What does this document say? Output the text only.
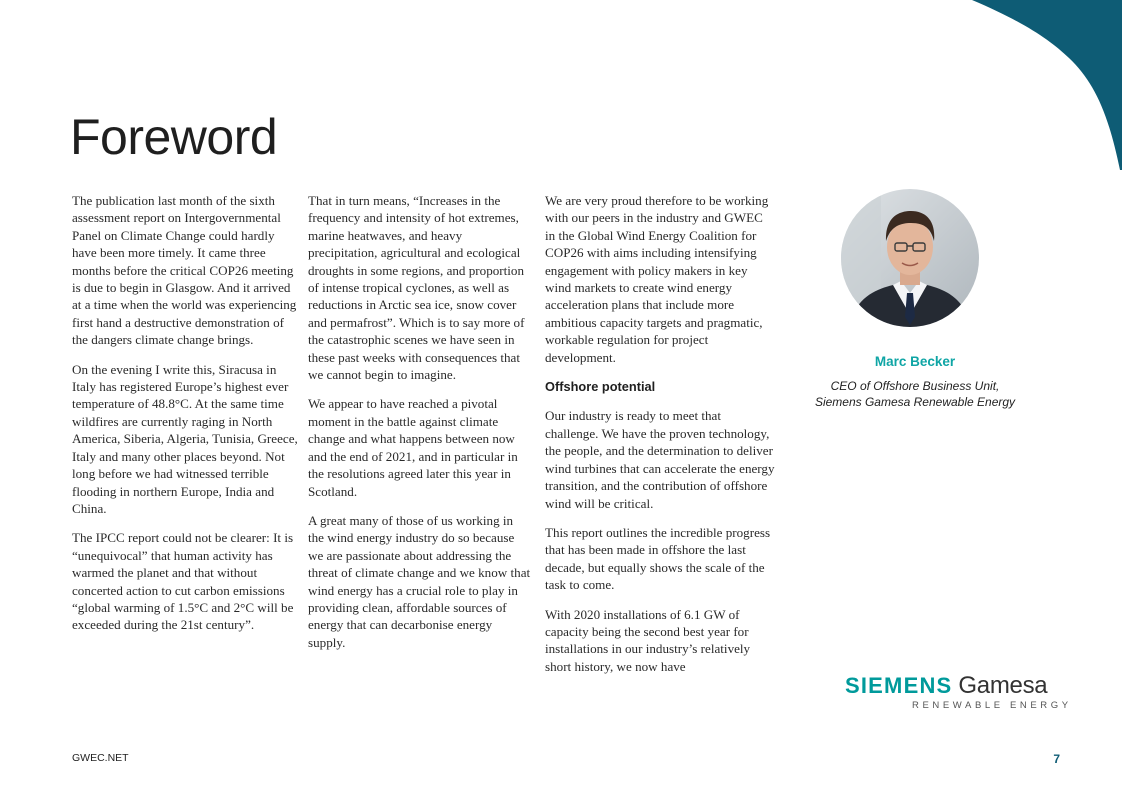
Foreword

The publication last month of the sixth assessment report on Intergovernmental Panel on Climate Change could hardly have been more timely. It came three months before the critical COP26 meeting is due to begin in Glasgow. And it arrived at a time when the world was experiencing first hand a destructive demonstration of the dangers climate change brings.

On the evening I write this, Siracusa in Italy has registered Europe’s highest ever temperature of 48.8°C. At the same time wildfires are currently raging in North America, Siberia, Algeria, Tunisia, Greece, Italy and many other places beyond. Not long before we had witnessed terrible flooding in northern Europe, India and China.

The IPCC report could not be clearer: It is “unequivocal” that human activity has warmed the planet and that without concerted action to cut carbon emissions “global warming of 1.5°C and 2°C will be exceeded during the 21st century”.

That in turn means, “Increases in the frequency and intensity of hot extremes, marine heatwaves, and heavy precipitation, agricultural and ecological droughts in some regions, and proportion of intense tropical cyclones, as well as reductions in Arctic sea ice, snow cover and permafrost”. Which is to say more of the catastrophic scenes we have seen in these past weeks with consequences that we cannot begin to imagine.

We appear to have reached a pivotal moment in the battle against climate change and what happens between now and the end of 2021, and in particular in the resolutions agreed later this year in Scotland.

A great many of those of us working in the wind energy industry do so because we are passionate about addressing the threat of climate change and we know that wind energy has a crucial role to play in providing clean, affordable sources of energy that can decarbonise energy supply.

We are very proud therefore to be working with our peers in the industry and GWEC in the Global Wind Energy Coalition for COP26 with aims including intensifying engagement with policy makers in key wind markets to create wind energy acceleration plans that include more ambitious capacity targets and pragmatic, workable regulation for project development.

Offshore potential

Our industry is ready to meet that challenge. We have the proven technology, the people, and the determination to deliver wind turbines that can accelerate the energy transition, and the contribution of offshore wind will be critical.

This report outlines the incredible progress that has been made in offshore the last decade, but equally shows the scale of the task to come.

With 2020 installations of 6.1 GW of capacity being the second best year for installations in our industry’s relatively short history, we now have

Marc Becker
CEO of Offshore Business Unit,
Siemens Gamesa Renewable Energy
SIEMENS Gamesa
RENEWABLE ENERGY
GWEC.NET	7
